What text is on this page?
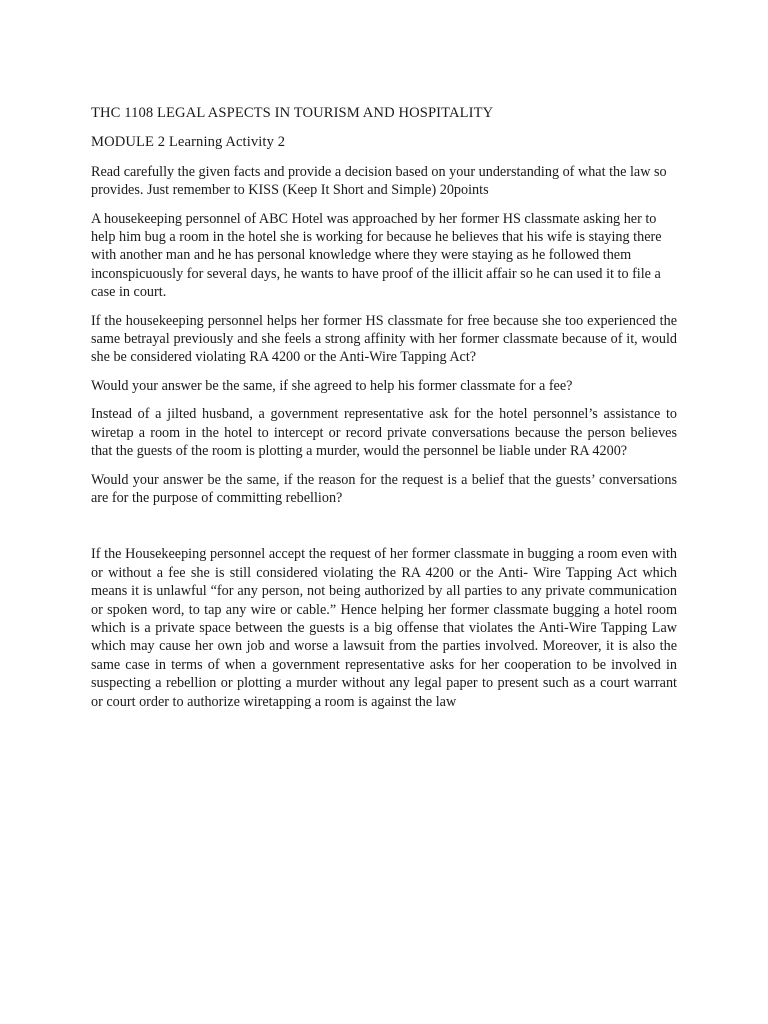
THC 1108 LEGAL ASPECTS IN TOURISM AND HOSPITALITY

MODULE 2 Learning Activity 2

Read carefully the given facts and provide a decision based on your understanding of what the law so provides. Just remember to KISS (Keep It Short and Simple) 20points

A housekeeping personnel of ABC Hotel was approached by her former HS classmate asking her to help him bug a room in the hotel she is working for because he believes that his wife is staying there with another man and he has personal knowledge where they were staying as he followed them inconspicuously for several days, he wants to have proof of the illicit affair so he can used it to file a case in court.

If the housekeeping personnel helps her former HS classmate for free because she too experienced the same betrayal previously and she feels a strong affinity with her former classmate because of it, would she be considered violating RA 4200 or the Anti-Wire Tapping Act?

Would your answer be the same, if she agreed to help his former classmate for a fee?

Instead of a jilted husband, a government representative ask for the hotel personnel’s assistance to wiretap a room in the hotel to intercept or record private conversations because the person believes that the guests of the room is plotting a murder, would the personnel be liable under RA 4200?

Would your answer be the same, if the reason for the request is a belief that the guests’ conversations are for the purpose of committing rebellion?

If the Housekeeping personnel accept the request of her former classmate in bugging a room even with or without a fee she is still considered violating the RA 4200 or the Anti- Wire Tapping Act which means it is unlawful “for any person, not being authorized by all parties to any private communication or spoken word, to tap any wire or cable.” Hence helping her former classmate bugging a hotel room which is a private space between the guests is a big offense that violates the Anti-Wire Tapping Law which may cause her own job and worse a lawsuit from the parties involved. Moreover, it is also the same case in terms of when a government representative asks for her cooperation to be involved in suspecting a rebellion or plotting a murder without any legal paper to present such as a court warrant or court order to authorize wiretapping a room is against the law
